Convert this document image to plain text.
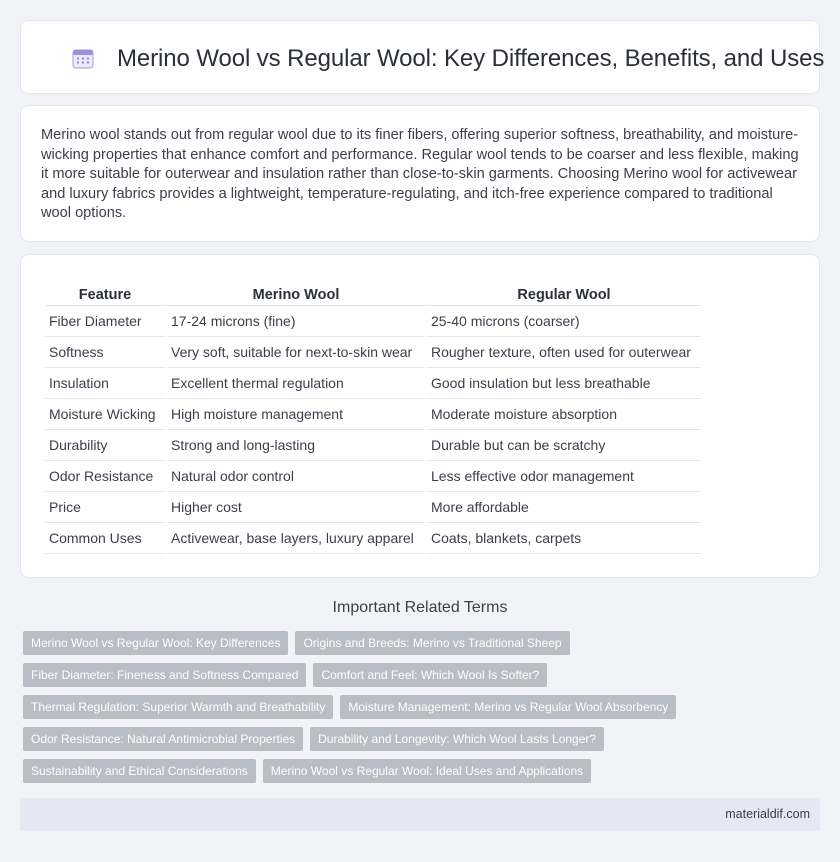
Merino Wool vs Regular Wool: Key Differences, Benefits, and Uses

Merino wool stands out from regular wool due to its finer fibers, offering superior softness, breathability, and moisture-wicking properties that enhance comfort and performance. Regular wool tends to be coarser and less flexible, making it more suitable for outerwear and insulation rather than close-to-skin garments. Choosing Merino wool for activewear and luxury fabrics provides a lightweight, temperature-regulating, and itch-free experience compared to traditional wool options.

Feature	Merino Wool	Regular Wool
Fiber Diameter	17-24 microns (fine)	25-40 microns (coarser)
Softness	Very soft, suitable for next-to-skin wear	Rougher texture, often used for outerwear
Insulation	Excellent thermal regulation	Good insulation but less breathable
Moisture Wicking	High moisture management	Moderate moisture absorption
Durability	Strong and long-lasting	Durable but can be scratchy
Odor Resistance	Natural odor control	Less effective odor management
Price	Higher cost	More affordable
Common Uses	Activewear, base layers, luxury apparel	Coats, blankets, carpets
Important Related Terms
Merino Wool vs Regular Wool: Key Differences	Origins and Breeds: Merino vs Traditional Sheep
Fiber Diameter: Fineness and Softness Compared	Comfort and Feel: Which Wool Is Softer?
Thermal Regulation: Superior Warmth and Breathability	Moisture Management: Merino vs Regular Wool Absorbency
Odor Resistance: Natural Antimicrobial Properties	Durability and Longevity: Which Wool Lasts Longer?
Sustainability and Ethical Considerations	Merino Wool vs Regular Wool: Ideal Uses and Applications
materialdif.com
